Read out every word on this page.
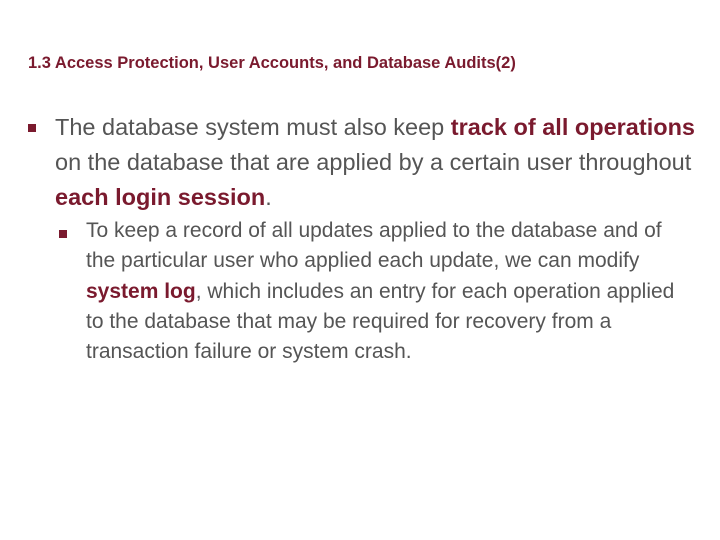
1.3 Access Protection, User Accounts, and Database Audits(2)
The database system must also keep track of all operations on the database that are applied by a certain user throughout each login session.
To keep a record of all updates applied to the database and of the particular user who applied each update, we can modify system log, which includes an entry for each operation applied to the database that may be required for recovery from a transaction failure or system crash.
